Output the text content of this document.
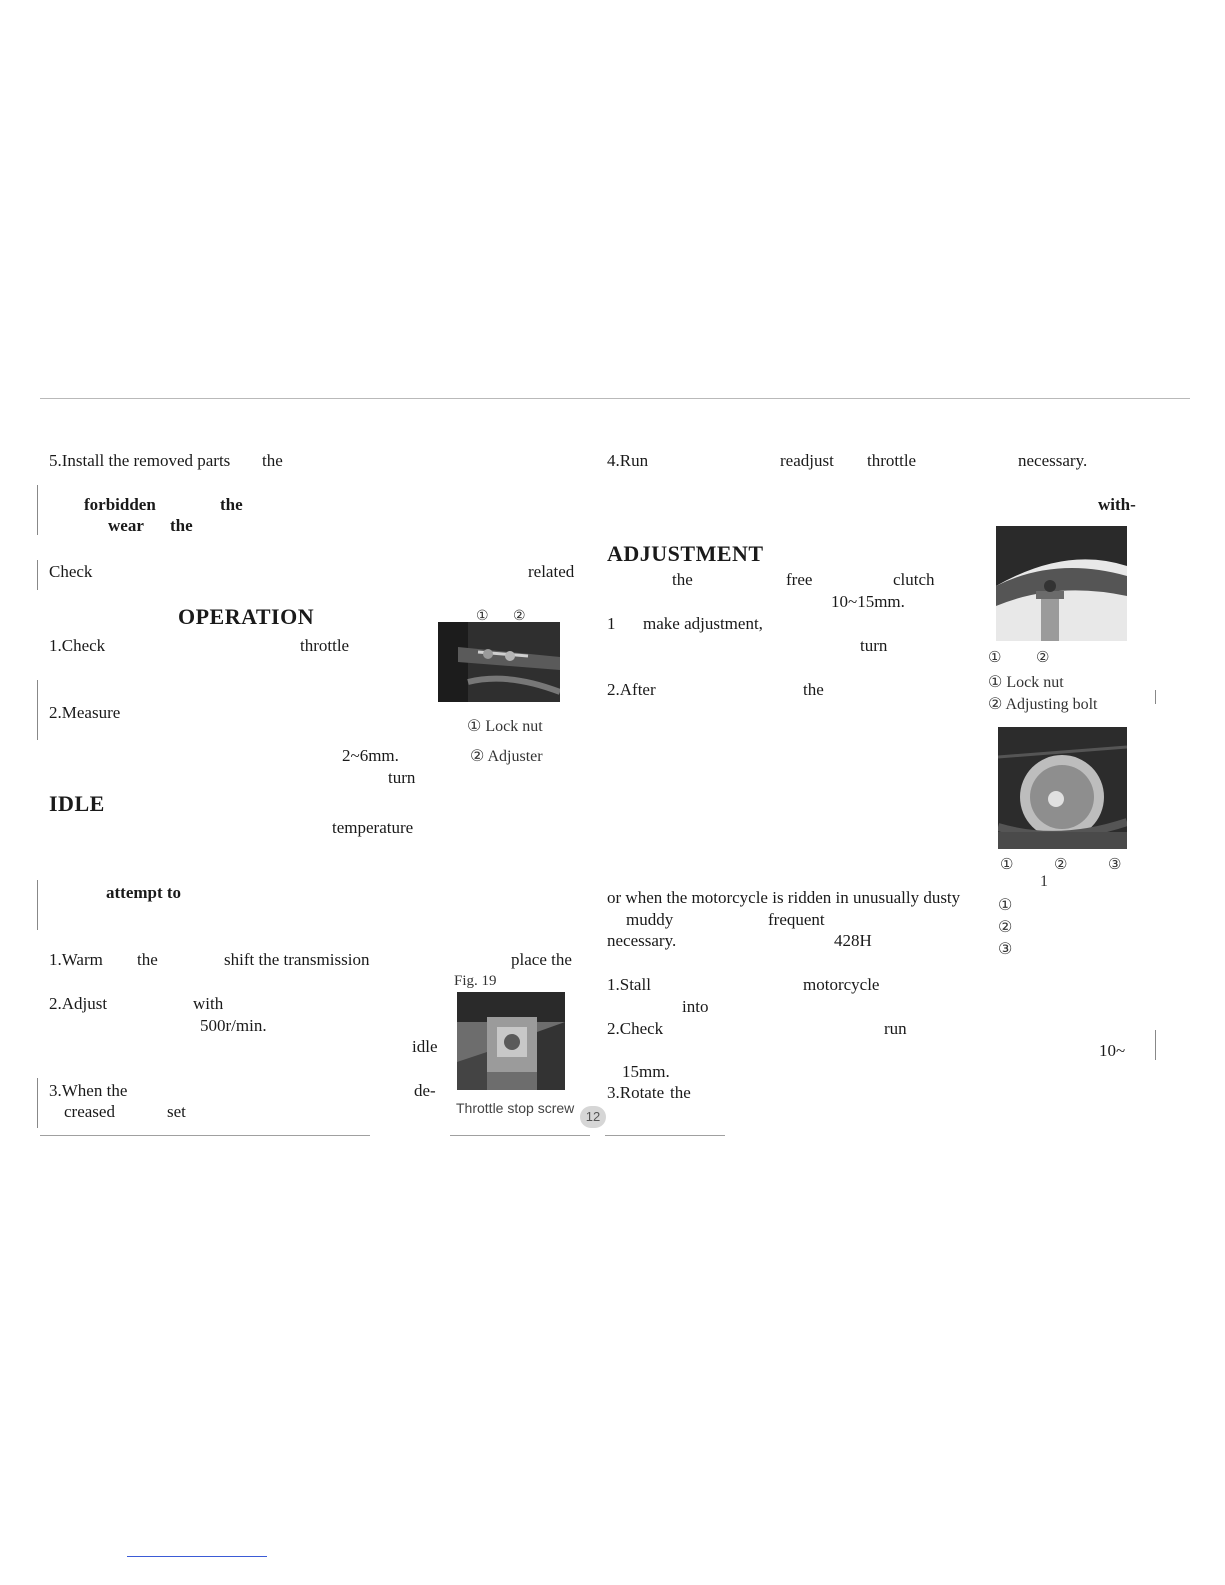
5.Install the removed parts the
forbidden	the
wear the
Check	related
OPERATION
1.Check	throttle
2.Measure
2~6mm.
turn
IDLE
temperature
attempt to
1.Warm the	shift the transmission	place the
2.Adjust	with
500r/min.
idle
3.When the	de-
creased	set
① ②
① Lock nut
② Adjuster
Fig. 19
Throttle stop screw
12
4.Run	readjust throttle	necessary.
with-
ADJUSTMENT
the	free	clutch
10~15mm.
1 make adjustment,
turn
2.After	the
or when the motorcycle is ridden in unusually dusty
muddy	frequent
necessary.	428H
1.Stall	motorcycle
into
2.Check	run
10~
15mm.
3.Rotate the
① ②
① Lock nut
② Adjusting bolt
①	②	③
1
①
②
③
